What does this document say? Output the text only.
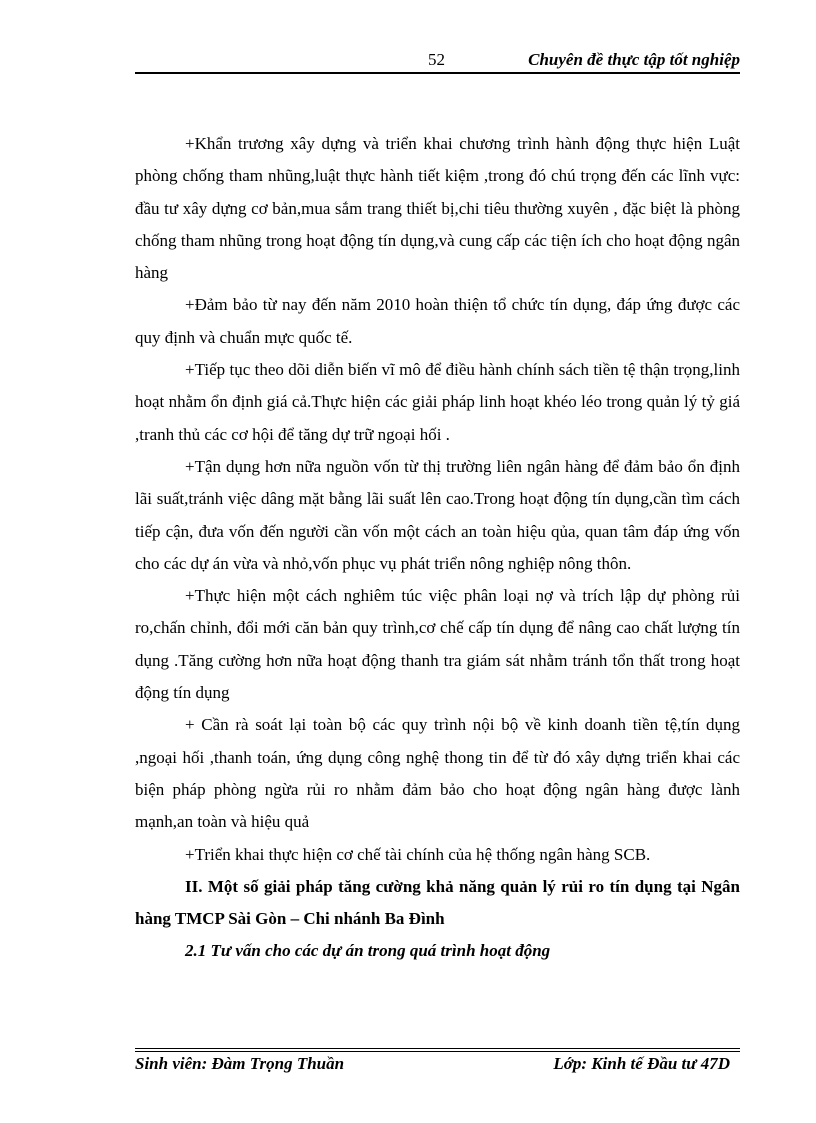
52	Chuyên đề thực tập tốt nghiệp

+Khẩn trương xây dựng và triển khai chương trình hành động thực hiện Luật phòng chống tham nhũng,luật thực hành tiết kiệm ,trong đó chú trọng đến các lĩnh vực: đầu tư xây dựng cơ bản,mua sắm trang thiết bị,chi tiêu thường xuyên , đặc biệt là phòng chống tham nhũng trong hoạt động tín dụng,và cung cấp các tiện ích cho hoạt động ngân hàng

+Đảm bảo từ nay đến năm 2010 hoàn thiện tổ chức tín dụng, đáp ứng được các quy định và chuẩn mực quốc tế.

+Tiếp tục theo dõi diễn biến vĩ mô để điều hành chính sách tiền tệ thận trọng,linh hoạt nhằm ổn định giá cả.Thực hiện các giải pháp linh hoạt khéo léo trong quản lý tỷ giá ,tranh thủ các cơ hội để tăng dự trữ ngoại hối .

+Tận dụng hơn nữa nguồn vốn từ thị trường liên ngân hàng để đảm bảo ổn định lãi suất,tránh việc dâng mặt bằng lãi suất lên cao.Trong hoạt động tín dụng,cần tìm cách tiếp cận, đưa vốn đến người cần vốn một cách an toàn hiệu qủa, quan tâm đáp ứng vốn cho các dự án vừa và nhỏ,vốn phục vụ phát triển nông nghiệp nông thôn.

+Thực hiện một cách nghiêm túc việc phân loại nợ và trích lập dự phòng rủi ro,chấn chỉnh, đổi mới căn bản quy trình,cơ chế cấp tín dụng để nâng cao chất lượng tín dụng .Tăng cường hơn nữa hoạt động thanh tra giám sát nhằm tránh tổn thất trong hoạt động tín dụng

+ Cần rà soát lại toàn bộ các quy trình nội bộ về kinh doanh tiền tệ,tín dụng ,ngoại hối ,thanh toán, ứng dụng công nghệ thong tin để từ đó xây dựng triển khai các biện pháp phòng ngừa rủi ro nhằm đảm bảo cho hoạt động ngân hàng được lành mạnh,an toàn và hiệu quả

+Triển khai thực hiện cơ chế tài chính của hệ thống ngân hàng SCB.

II. Một số giải pháp tăng cường khả năng quản lý rủi ro tín dụng tại Ngân hàng TMCP Sài Gòn – Chi nhánh Ba Đình

2.1 Tư vấn cho các dự án trong quá trình hoạt động

Sinh viên: Đàm Trọng Thuần	Lớp: Kinh tế Đầu tư 47D
